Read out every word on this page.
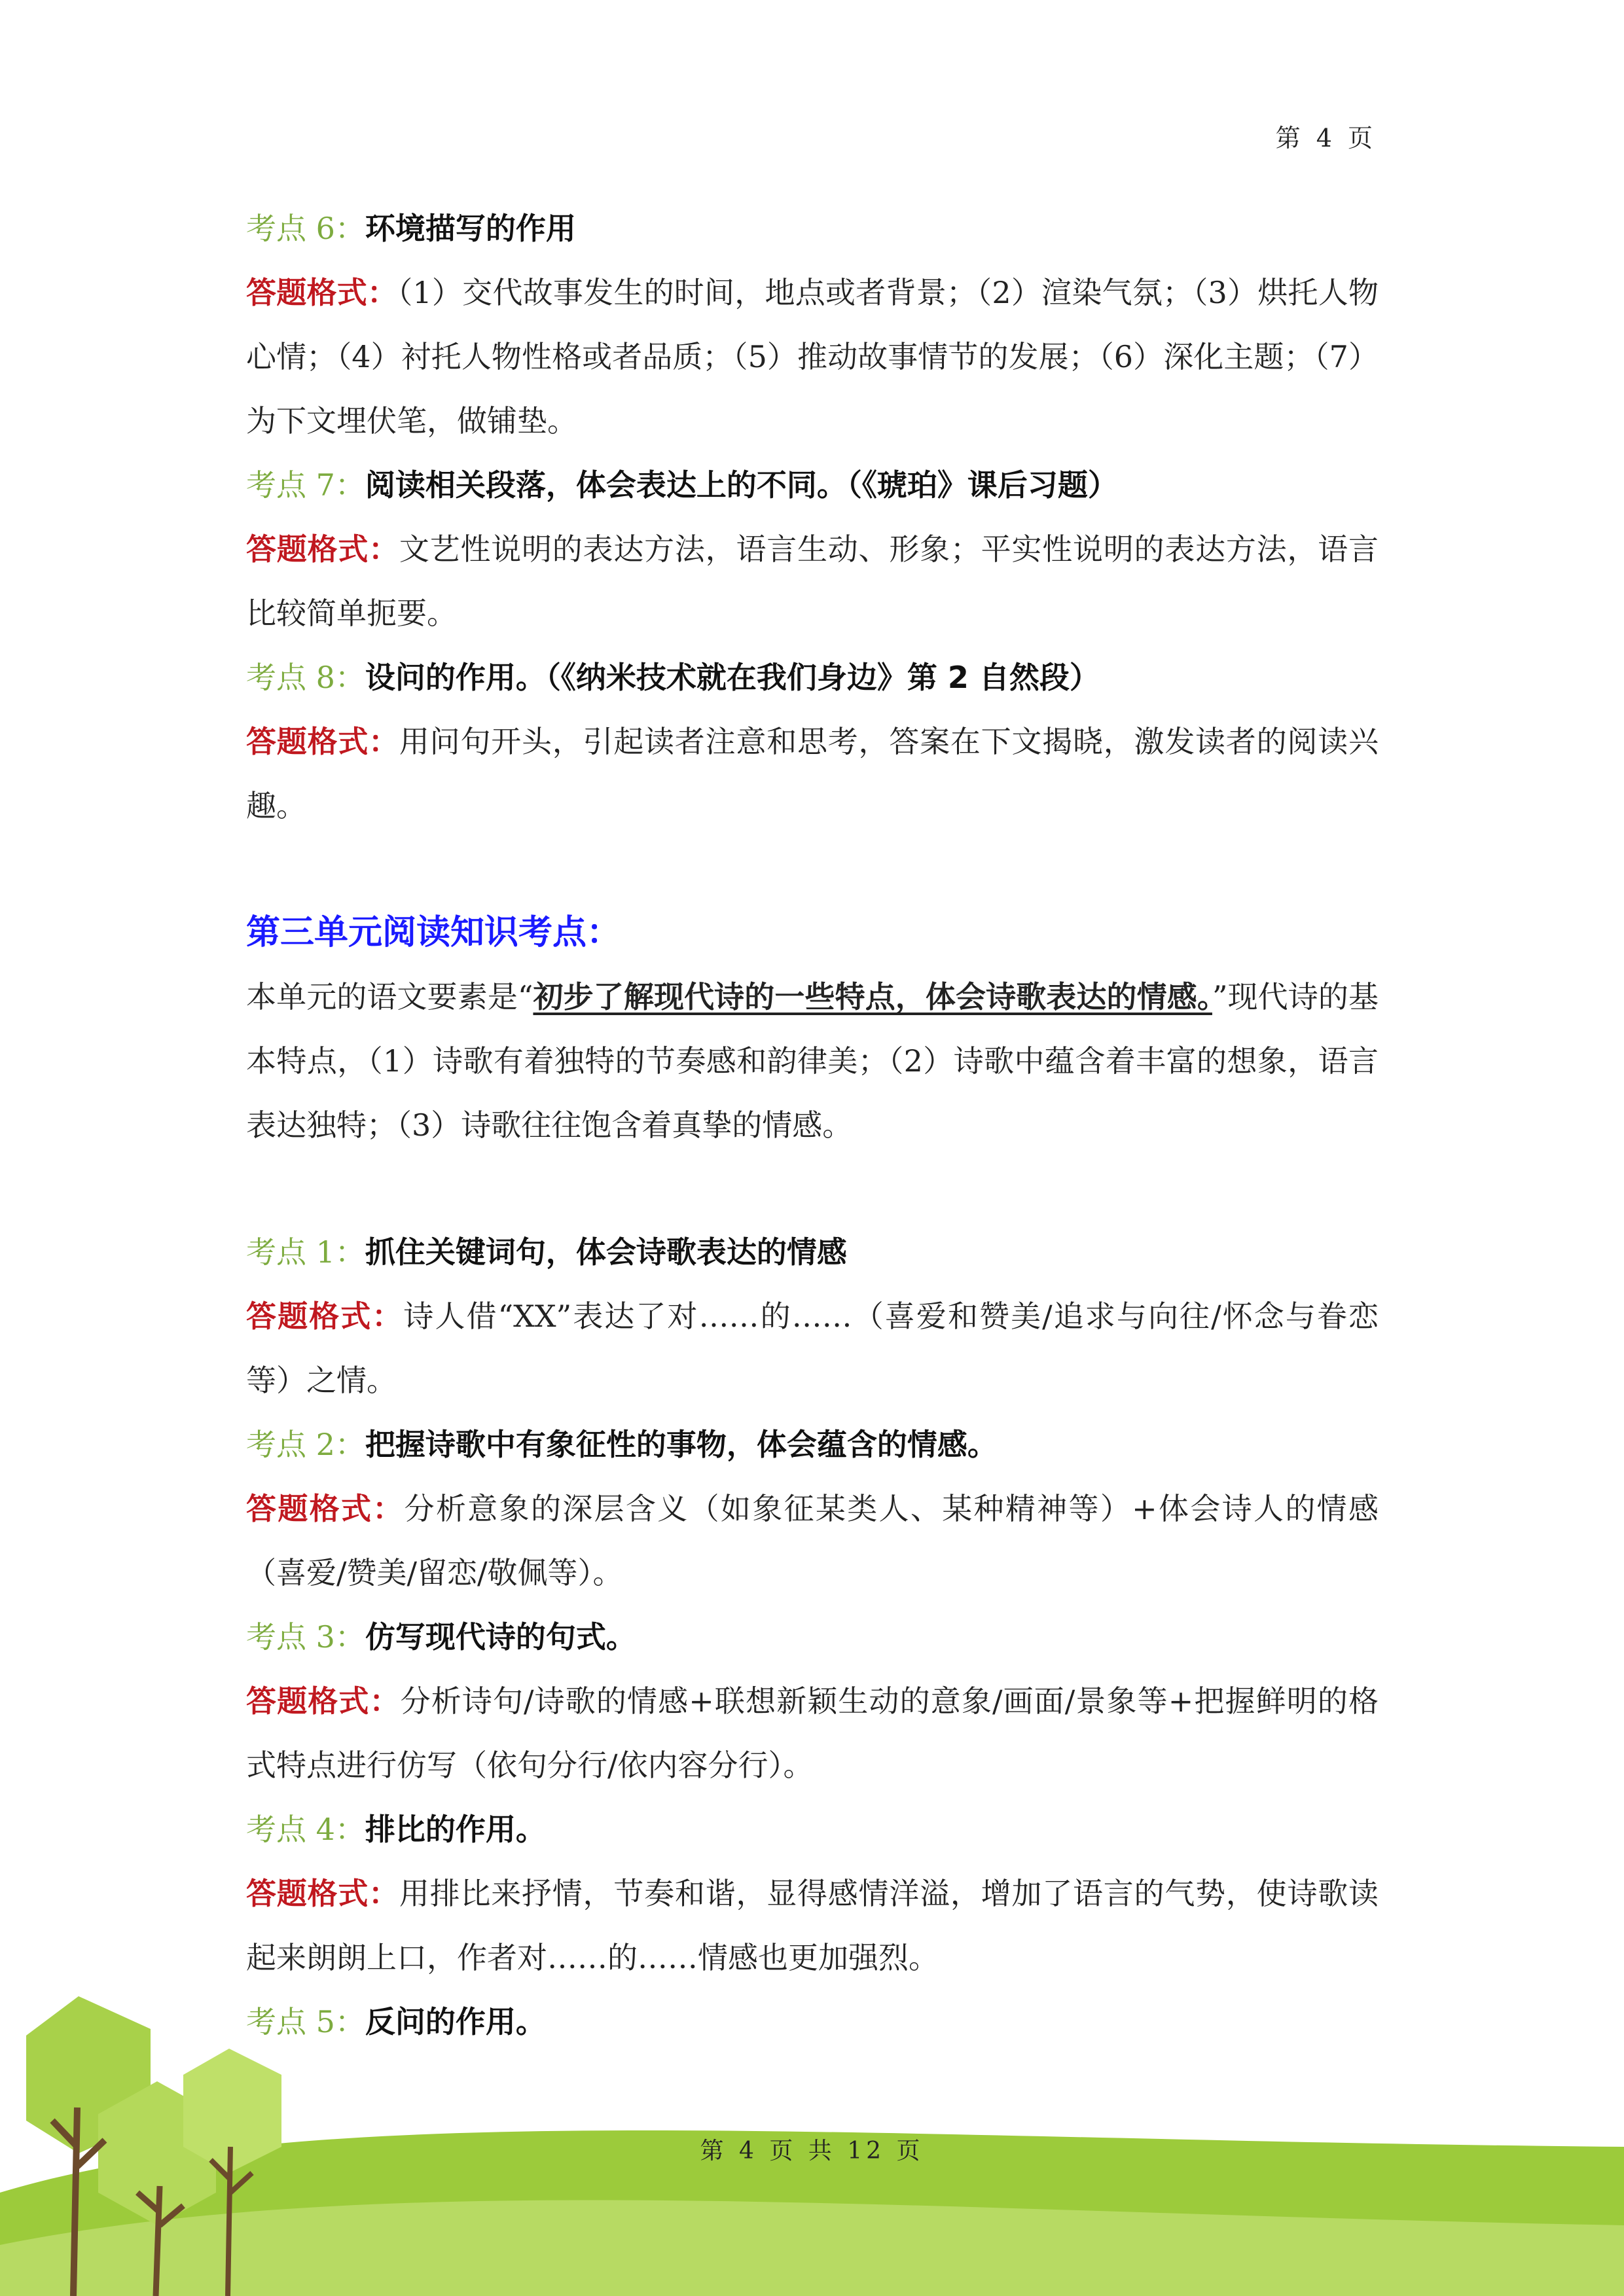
第 4 页

考点 6：环境描写的作用

答题格式：（1）交代故事发生的时间，地点或者背景；（2）渲染气氛；（3）烘托人物心情；（4）衬托人物性格或者品质；（5）推动故事情节的发展；（6）深化主题；（7）为下文埋伏笔，做铺垫。

考点 7：阅读相关段落，体会表达上的不同。（《琥珀》课后习题）

答题格式：文艺性说明的表达方法，语言生动、形象；平实性说明的表达方法，语言比较简单扼要。

考点 8：设问的作用。（《纳米技术就在我们身边》第 2 自然段）

答题格式：用问句开头，引起读者注意和思考，答案在下文揭晓，激发读者的阅读兴趣。

第三单元阅读知识考点：

本单元的语文要素是“初步了解现代诗的一些特点，体会诗歌表达的情感。”现代诗的基本特点，（1）诗歌有着独特的节奏感和韵律美；（2）诗歌中蕴含着丰富的想象，语言表达独特；（3）诗歌往往饱含着真挚的情感。

考点 1：抓住关键词句，体会诗歌表达的情感

答题格式：诗人借“XX”表达了对……的……（喜爱和赞美/追求与向往/怀念与眷恋等）之情。

考点 2：把握诗歌中有象征性的事物，体会蕴含的情感。

答题格式：分析意象的深层含义（如象征某类人、某种精神等）+体会诗人的情感（喜爱/赞美/留恋/敬佩等）。

考点 3：仿写现代诗的句式。

答题格式：分析诗句/诗歌的情感+联想新颖生动的意象/画面/景象等+把握鲜明的格式特点进行仿写（依句分行/依内容分行）。

考点 4：排比的作用。

答题格式：用排比来抒情，节奏和谐，显得感情洋溢，增加了语言的气势，使诗歌读起来朗朗上口，作者对……的……情感也更加强烈。

考点 5：反问的作用。

第 4 页 共 12 页
